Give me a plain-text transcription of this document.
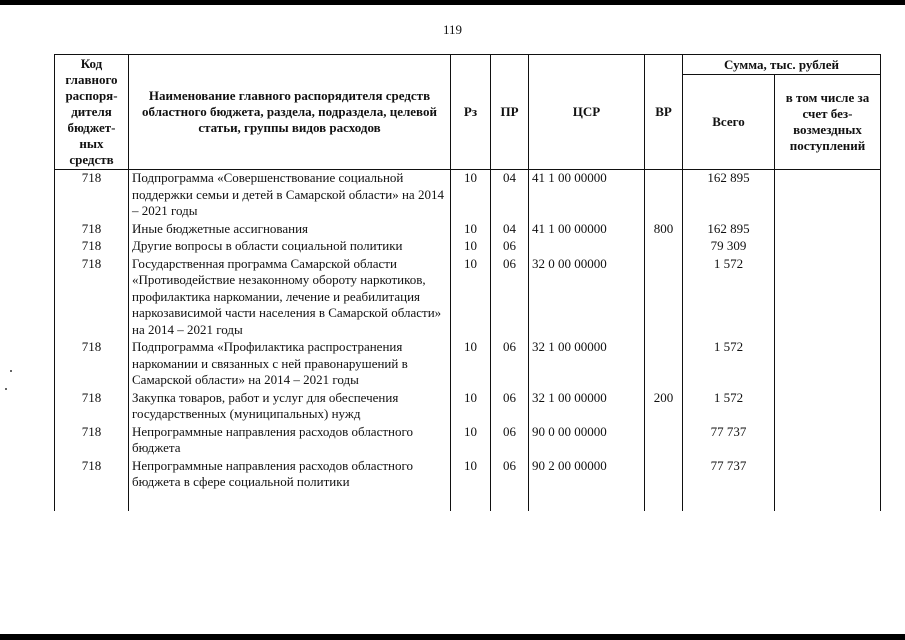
119
Код главного распоря-дителя бюджет-ных средств	Наименование главного распорядителя средств областного бюджета, раздела, подраздела, целевой статьи, группы видов расходов	Рз	ПР	ЦСР	ВР	Сумма, тыс. рублей	
						Всего	в том числе за счет без-возмездных поступлений
718	Подпрограмма «Совершенствование социальной поддержки семьи и детей в Самарской области» на 2014 – 2021 годы	10	04	41 1 00 00000		162 895	
718	Иные бюджетные ассигнования	10	04	41 1 00 00000	800	162 895	
718	Другие вопросы в области социальной политики	10	06			79 309	
718	Государственная программа Самарской области «Противодействие незаконному обороту наркотиков, профилактика наркомании, лечение и реабилитация наркозависимой части населения в Самарской области» на 2014 – 2021 годы	10	06	32 0 00 00000		1 572	
718	Подпрограмма «Профилактика распространения наркомании и связанных с ней правонарушений в Самарской области» на 2014 – 2021 годы	10	06	32 1 00 00000		1 572	
718	Закупка товаров, работ и услуг для обеспечения государственных (муниципальных) нужд	10	06	32 1 00 00000	200	1 572	
718	Непрограммные направления расходов областного бюджета	10	06	90 0 00 00000		77 737	
718	Непрограммные направления расходов областного бюджета в сфере социальной политики	10	06	90 2 00 00000		77 737	
